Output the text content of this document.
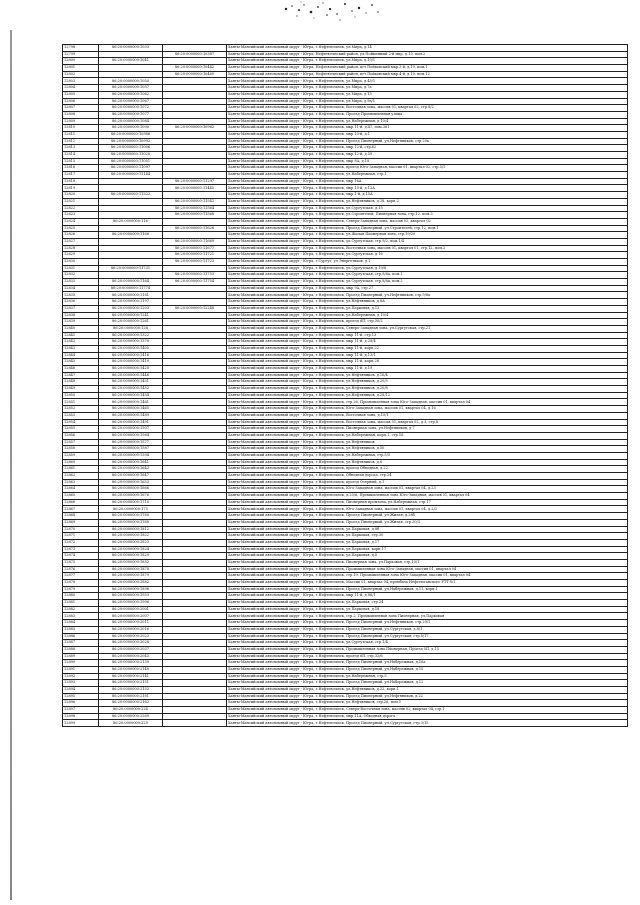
12798	86:20:0000000:1033		Ханты-Мансийский автономный округ - Югра, г.Нефтеюганск, ул.Мира, д.14
12799		86:20:0000000:10387	Ханты-Мансийский автономный округ - Югра, Нефтеюганский район, ул.Пойменный 2-й мкр, д.19, пом.2
12800	86:20:0000000:1041		Ханты-Мансийский автономный округ - Югра, г.Нефтеюганск, ул.Мира, д.10/1
12801		86:20:0000000:10442	Ханты-Мансийский автономный округ - Югра, Нефтеюганский район, пгт.Пойковский мкр.3-й, д.19, пом.1
12802		86:20:0000000:10460	Ханты-Мансийский автономный округ - Югра, Нефтеюганский район, пгт.Пойковский мкр.4-й, д.19, пом.12
12803	86:20:0000000:1050		Ханты-Мансийский автономный округ - Югра, г.Нефтеюганск, ул.Мира, д.45/1
12804	86:20:0000000:1057		Ханты-Мансийский автономный округ - Югра, г.Нефтеюганск, ул.Мира, д.7а
12805	86:20:0000000:1062		Ханты-Мансийский автономный округ - Югра, г.Нефтеюганск, ул.Мира, д.15
12806	86:20:0000000:1067		Ханты-Мансийский автономный округ - Югра, г.Нефтеюганск, ул.Мира, д.9а/1
12807	86:20:0000000:1072		Ханты-Мансийский автономный округ - Югра, г.Нефтеюганск, Восточная зона, массив 01, квартал 02, стр.8/2
12808	86:20:0000000:1077		Ханты-Мансийский автономный округ - Югра, г.Нефтеюганск, Проезд Промышленная улица
12809	86:20:0000000:1084		Ханты-Мансийский автономный округ - Югра, г.Нефтеюганск, ул.Набережная, д.10/4
12810	86:20:0000000:1090	86:20:0000000:10962	Ханты-Мансийский автономный округ - Югра, г.Нефтеюганск, мкр 11-й, д.47, пом.361
12811	86:20:0000000:10986		Ханты-Мансийский автономный округ - Югра, г.Нефтеюганск, мкр 10-й, д.1
12812	86:20:0000000:10992		Ханты-Мансийский автономный округ - Югра, г.Нефтеюганск, Проезд Пионерный, ул.Нефтяников, стр.20а
12813	86:20:0000000:11006		Ханты-Мансийский автономный округ - Югра, г.Нефтеюганск, мкр 12-й, стр.62
12814	86:20:0000000:11020		Ханты-Мансийский автономный округ - Югра, г.Нефтеюганск, мкр 12-й, д.59
12815	86:20:0000000:11051		Ханты-Мансийский автономный округ - Югра, г.Нефтеюганск, мкр 8А, д.18
12816	86:20:0000000:11097		Ханты-Мансийский автономный округ - Югра, г.Нефтеюганск, проезд Юго-Западная, массив 01, квартал 02, стр.5/1
12817	86:20:0000000:11144		Ханты-Мансийский автономный округ - Югра, г.Нефтеюганск, ул.Набережная, стр.1
12818		86:20:0000000:11297	Ханты-Мансийский автономный округ - Югра, г.Нефтеюганск, мкр 16А
12819		86:20:0000000:11445	Ханты-Мансийский автономный округ - Югра, г.Нефтеюганск, мкр 15-й, д.12А
12820	86:20:0000000:11523		Ханты-Мансийский автономный округ - Югра, г.Нефтеюганск, мкр 1-й, д.15А
12821		86:20:0000000:11542	Ханты-Мансийский автономный округ - Югра, г.Нефтеюганск, ул.Нефтяников, д.28, корп.2
12822		86:20:0000000:11564	Ханты-Мансийский автономный округ - Югра, г.Нефтеюганск, ул.Сургутская, д.15
12823		86:20:0000000:11568	Ханты-Мансийский автономный округ - Югра, г.Нефтеюганск, ул.Строителей, Пионерная зона, стр.12, пом.3
12824	86:20:0000000:116		Ханты-Мансийский автономный округ - Югра, г.Нефтеюганск, Северо-Западная зона, массив 02, квартал 02
12825		86:20:0000000:11626	Ханты-Мансийский автономный округ - Югра, г.Нефтеюганск, Проезд Пионерный, ул.Строителей, стр.12, пом.1
12826	86:20:0000000:1166		Ханты-Мансийский автономный округ - Югра, г.Нефтеюганск, ул.Жилая Пионерная зона, стр.19/20
12827		86:20:0000000:11669	Ханты-Мансийский автономный округ - Югра, г.Нефтеюганск, ул.Сургутская, стр.9/2, пом.1/4
12828		86:20:0000000:11677	Ханты-Мансийский автономный округ - Югра, г.Нефтеюганск, Восточная зона, массив 01, квартал 01, стр.12, пом.2
12829		86:20:0000000:11721	Ханты-Мансийский автономный округ - Югра, г.Нефтеюганск, ул.Сургутская, д.16
12830		86:20:0000000:11723	Ханты-Мансийский автономный округ - Югра, г.Сургут, ул.Энергетиков, д.1
12831	86:20:0000000:11731		Ханты-Мансийский автономный округ - Югра, г.Нефтеюганск, ул.Сургутская, д.19/8
12832		86:20:0000000:11753	Ханты-Мансийский автономный округ - Югра, г.Нефтеюганск, ул.Сургутская, стр.8/8а, пом.1
12833	86:20:0000000:1164	86:20:0000000:11754	Ханты-Мансийский автономный округ - Югра, г.Нефтеюганск, ул.Сургутская, стр.8/8а, пом.2
12834	86:20:0000000:11774		Ханты-Мансийский автономный округ - Югра, г.Нефтеюганск, мкр 9А, стр.27
12835	86:20:0000000:1181		Ханты-Мансийский автономный округ - Югра, г.Нефтеюганск, Проезд Пионерный, ул.Нефтяников, стр.9/8а
12836	86:20:0000000:1197		Ханты-Мансийский автономный округ - Югра, г.Нефтеюганск, ул.Нефтяников, д.8А
12837	86:20:0000000:1203	86:20:0000000:12248	Ханты-Мансийский автономный округ - Югра, г.Нефтеюганск, ул.Парковая, д.13
12838	86:20:0000000:1241		Ханты-Мансийский автономный округ - Югра, г.Нефтеюганск, ул.Набережная, д.10/4
12839	86:20:0000000:1261		Ханты-Мансийский автономный округ - Югра, г.Нефтеюганск, проезд 6П, стр.30/2
12840	86:20:0000000:128		Ханты-Мансийский автономный округ - Югра, г.Нефтеюганск, Северо-Западная зона, ул.Сургутская, стр.21
12841	86:20:0000000:1322		Ханты-Мансийский автономный округ - Югра, г.Нефтеюганск, мкр 11-й, стр.13
12842	86:20:0000000:1378		Ханты-Мансийский автономный округ - Югра, г.Нефтеюганск, мкр 11-й, д.28/4
12843	86:20:0000000:1405		Ханты-Мансийский автономный округ - Югра, г.Нефтеюганск, мкр 11-й, корп.22
12844	86:20:0000000:1416		Ханты-Мансийский автономный округ - Югра, г.Нефтеюганск, мкр 11-й, д.13/1
12845	86:20:0000000:1419		Ханты-Мансийский автономный округ - Югра, г.Нефтеюганск, мкр 11-й, корп.28
12846	86:20:0000000:1420		Ханты-Мансийский автономный округ - Югра, г.Нефтеюганск, мкр 11-й, д.19
12847	86:20:0000000:1446		Ханты-Мансийский автономный округ - Югра, г.Нефтеюганск, ул.Нефтяников, д.16/4
12848	86:20:0000000:1451		Ханты-Мансийский автономный округ - Югра, г.Нефтеюганск, ул.Нефтяников, д.20/5
12849	86:20:0000000:1452		Ханты-Мансийский автономный округ - Югра, г.Нефтеюганск, ул.Нефтяников, д.20/8
12850	86:20:0000000:1454		Ханты-Мансийский автономный округ - Югра, г.Нефтеюганск, ул.Нефтяников, д.28/12
12851	86:20:0000000:1461		Ханты-Мансийский автономный округ - Югра, г.Нефтеюганск, стр.26, Промышленная зона Юго-Западная, массив 01, квартал 04
12852	86:20:0000000:1465		Ханты-Мансийский автономный округ - Югра, г.Нефтеюганск, Юго-Западная зона, массив 01, квартал 04, д.16
12853	86:20:0000000:1489		Ханты-Мансийский автономный округ - Югра, г.Нефтеюганск, Восточная зона, д.15/1
12854	86:20:0000000:1491		Ханты-Мансийский автономный округ - Югра, г.Нефтеюганск, Восточная зона, массив 01, квартал 02, д.3, стр.8
12855	86:20:0000000:1507		Ханты-Мансийский автономный округ - Югра, г.Нефтеюганск, Пионерная зона, ул.Нефтяников, д.7
12856	86:20:0000000:1564		Ханты-Мансийский автономный округ - Югра, г.Нефтеюганск, ул.Набережная, корп.1, стр.16
12857	86:20:0000000:1577		Ханты-Мансийский автономный округ - Югра, г.Нефтеюганск, ул.Нефтяников
12858	86:20:0000000:1587		Ханты-Мансийский автономный округ - Югра, г.Нефтеюганск, ул.Нефтяников, д.50
12859	86:20:0000000:1594		Ханты-Мансийский автономный округ - Югра, г.Нефтеюганск, ул.Набережная, стр.5/5
12860	86:20:0000000:1641		Ханты-Мансийский автономный округ - Югра, г.Нефтеюганск, ул.Нефтяников, д.6
12861	86:20:0000000:1643		Ханты-Мансийский автономный округ - Югра, г.Нефтеюганск, проезд Обводная, д.22
12862	86:20:0000000:1647		Ханты-Мансийский автономный округ - Югра, г.Нефтеюганск, Обводная дорога, стр.24
12863	86:20:0000000:1653		Ханты-Мансийский автономный округ - Югра, г.Нефтеюганск, проезд Озерный, д.1
12864	86:20:0000000:1666		Ханты-Мансийский автономный округ - Югра, г.Нефтеюганск, Юго-Западная зона, массив 01, квартал 04, д.23
12865	86:20:0000000:1676		Ханты-Мансийский автономный округ - Югра, г.Нефтеюганск, д.23/6, Промышленная зона Юго-Западная, массив 01, квартал 04
12866	86:20:0000000:1710		Ханты-Мансийский автономный округ - Югра, г.Нефтеюганск, Пионерная промзона, ул.Набережная, стр.17
12867	86:20:0000000:175		Ханты-Мансийский автономный округ - Югра, г.Нефтеюганск, Юго-Западная зона, массив 01, квартал 04, д.2/3
12868	86:20:0000000:1760		Ханты-Мансийский автономный округ - Югра, г.Нефтеюганск, Проезд Пионерный, ул.Жилая, д.28б
12869	86:20:0000000:1768		Ханты-Мансийский автономный округ - Югра, г.Нефтеюганск, Проезд Пионерный, ул.Жилая, стр.30/3
12870	86:20:0000000:1812		Ханты-Мансийский автономный округ - Югра, г.Нефтеюганск, ул.Парковая, д.8б
12871	86:20:0000000:1822		Ханты-Мансийский автономный округ - Югра, г.Нефтеюганск, ул.Парковая, стр.30
12872	86:20:0000000:1823		Ханты-Мансийский автономный округ - Югра, г.Нефтеюганск, ул.Парковая, д.17
12873	86:20:0000000:1824		Ханты-Мансийский автономный округ - Югра, г.Нефтеюганск, ул.Парковая, корп.17
12874	86:20:0000000:1829		Ханты-Мансийский автономный округ - Югра, г.Нефтеюганск, ул.Парковая, д.5
12875	86:20:0000000:1852		Ханты-Мансийский автономный округ - Югра, г.Нефтеюганск, Пионерная зона, ул.Парковая, стр.10/1
12876	86:20:0000000:1878		Ханты-Мансийский автономный округ - Югра, г.Нефтеюганск, Промышленная зона Юго-Западная, массив 01, квартал 04
12877	86:20:0000000:1879		Ханты-Мансийский автономный округ - Югра, г.Нефтеюганск, стр.19, Промышленная зона Юго-Западная, массив 01, квартал 04
12878	86:20:0000000:1882		Ханты-Мансийский автономный округ - Югра, г.Нефтеюганск, Массив 01, квартал 04, промбаза Нефтеюганского УТТ №1
12879	86:20:0000000:1896		Ханты-Мансийский автономный округ - Югра, г.Нефтеюганск, Проезд Пионерный, ул.Набережная, д.11, корп.1
12880	86:20:0000000:1953		Ханты-Мансийский автономный округ - Югра, г.Нефтеюганск, мкр 11-й, д.88/1
12881	86:20:0000000:1996		Ханты-Мансийский автономный округ - Югра, г.Нефтеюганск, ул.Парковая, стр.24
12882	86:20:0000000:2001		Ханты-Мансийский автономный округ - Югра, г.Нефтеюганск, ул.Парковая, д.18
12883	86:20:0000000:2007		Ханты-Мансийский автономный округ - Югра, г.Нефтеюганск, стр.2, Промышленная зона Пионерная, ул.Парковая
12884	86:20:0000000:2011		Ханты-Мансийский автономный округ - Югра, г.Нефтеюганск, Проезд Пионерный, ул.Нефтяников, стр.29/1
12885	86:20:0000000:2016		Ханты-Мансийский автономный округ - Югра, г.Нефтеюганск, Проезд Пионерный, ул.Сургутская, д.8/1
12886	86:20:0000000:2023		Ханты-Мансийский автономный округ - Югра, г.Нефтеюганск, Проезд Пионерный, ул.Сургутская, стр.8/17
12887	86:20:0000000:2028		Ханты-Мансийский автономный округ - Югра, г.Нефтеюганск, ул.Сургутская, стр.1/4
12888	86:20:0000000:2037		Ханты-Мансийский автономный округ - Югра, г.Нефтеюганск, Промышленная зона Пионерная, Проезд 5П, д.15
12889	86:20:0000000:2043		Ханты-Мансийский автономный округ - Югра, г.Нефтеюганск, проезд 6П, стр.32/6
12890	86:20:0000000:2139		Ханты-Мансийский автономный округ - Югра, г.Нефтеюганск, Проезд Пионерный, ул.Набережная, д.16а
12891	86:20:0000000:2140		Ханты-Мансийский автономный округ - Югра, г.Нефтеюганск, Проезд Пионерный, ул.Набережная, д.15
12892	86:20:0000000:2141		Ханты-Мансийский автономный округ - Югра, г.Нефтеюганск, ул.Набережная, стр.5
12893	86:20:0000000:2151		Ханты-Мансийский автономный округ - Югра, г.Нефтеюганск, Проезд Пионерный, ул.Набережная, д.12
12894	86:20:0000000:2153		Ханты-Мансийский автономный округ - Югра, г.Нефтеюганск, ул.Нефтяников, д.22, корп.1
12895	86:20:0000000:2161		Ханты-Мансийский автономный округ - Югра, г.Нефтеюганск, Проезд Пионерный, ул.Нефтяников, д.22
12896	86:20:0000000:2162		Ханты-Мансийский автономный округ - Югра, г.Нефтеюганск, ул.Нефтяников, стр.26, пом.1
12897	86:20:0000000:224		Ханты-Мансийский автономный округ - Югра, г.Нефтеюганск, Северо-Восточная зона, массив 02, квартал 04, стр.1
12898	86:20:0000000:2269		Ханты-Мансийский автономный округ - Югра, г.Нефтеюганск, мкр 11А, Обводная дорога
12899	86:20:0000000:229		Ханты-Мансийский автономный округ - Югра, г.Нефтеюганск, Проезд Пионерный, ул.Сургутская, стр.3/15
